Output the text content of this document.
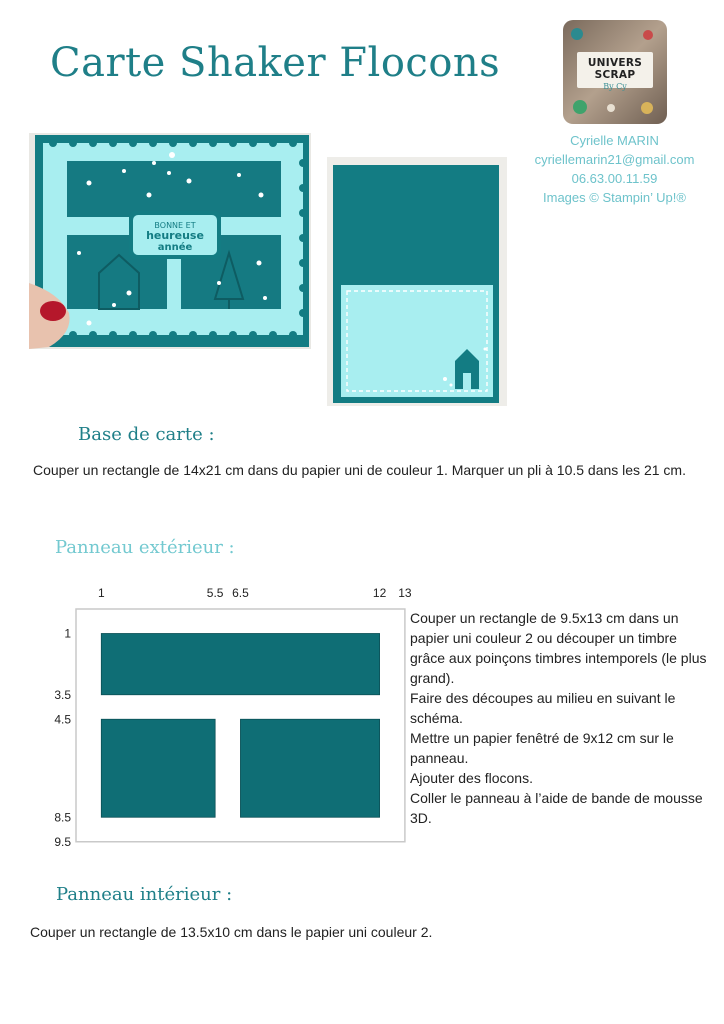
Carte Shaker Flocons	UNIVERS SCRAP
By Cy
Cyrielle MARIN
cyriellemarin21@gmail.com
06.63.00.11.59
Images © Stampin’ Up!®
BONNE ET
heureuse
année
Base de carte :
Couper un rectangle de 14x21 cm dans du papier uni de couleur 1. Marquer un pli à 10.5 dans les 21 cm.
Panneau extérieur :
1	5.5 6.5	12 13
1
3.5
4.5
8.5
9.5
Couper un rectangle de 9.5x13 cm dans un papier uni couleur 2 ou découper un timbre grâce aux poinçons timbres intemporels (le plus grand).
Faire des découpes au milieu en suivant le schéma.
Mettre un papier fenêtré de 9x12 cm sur le panneau.
Ajouter des flocons.
Coller le panneau à l’aide de bande de mousse 3D.
Panneau intérieur :
Couper un rectangle de 13.5x10 cm dans le papier uni couleur 2.
